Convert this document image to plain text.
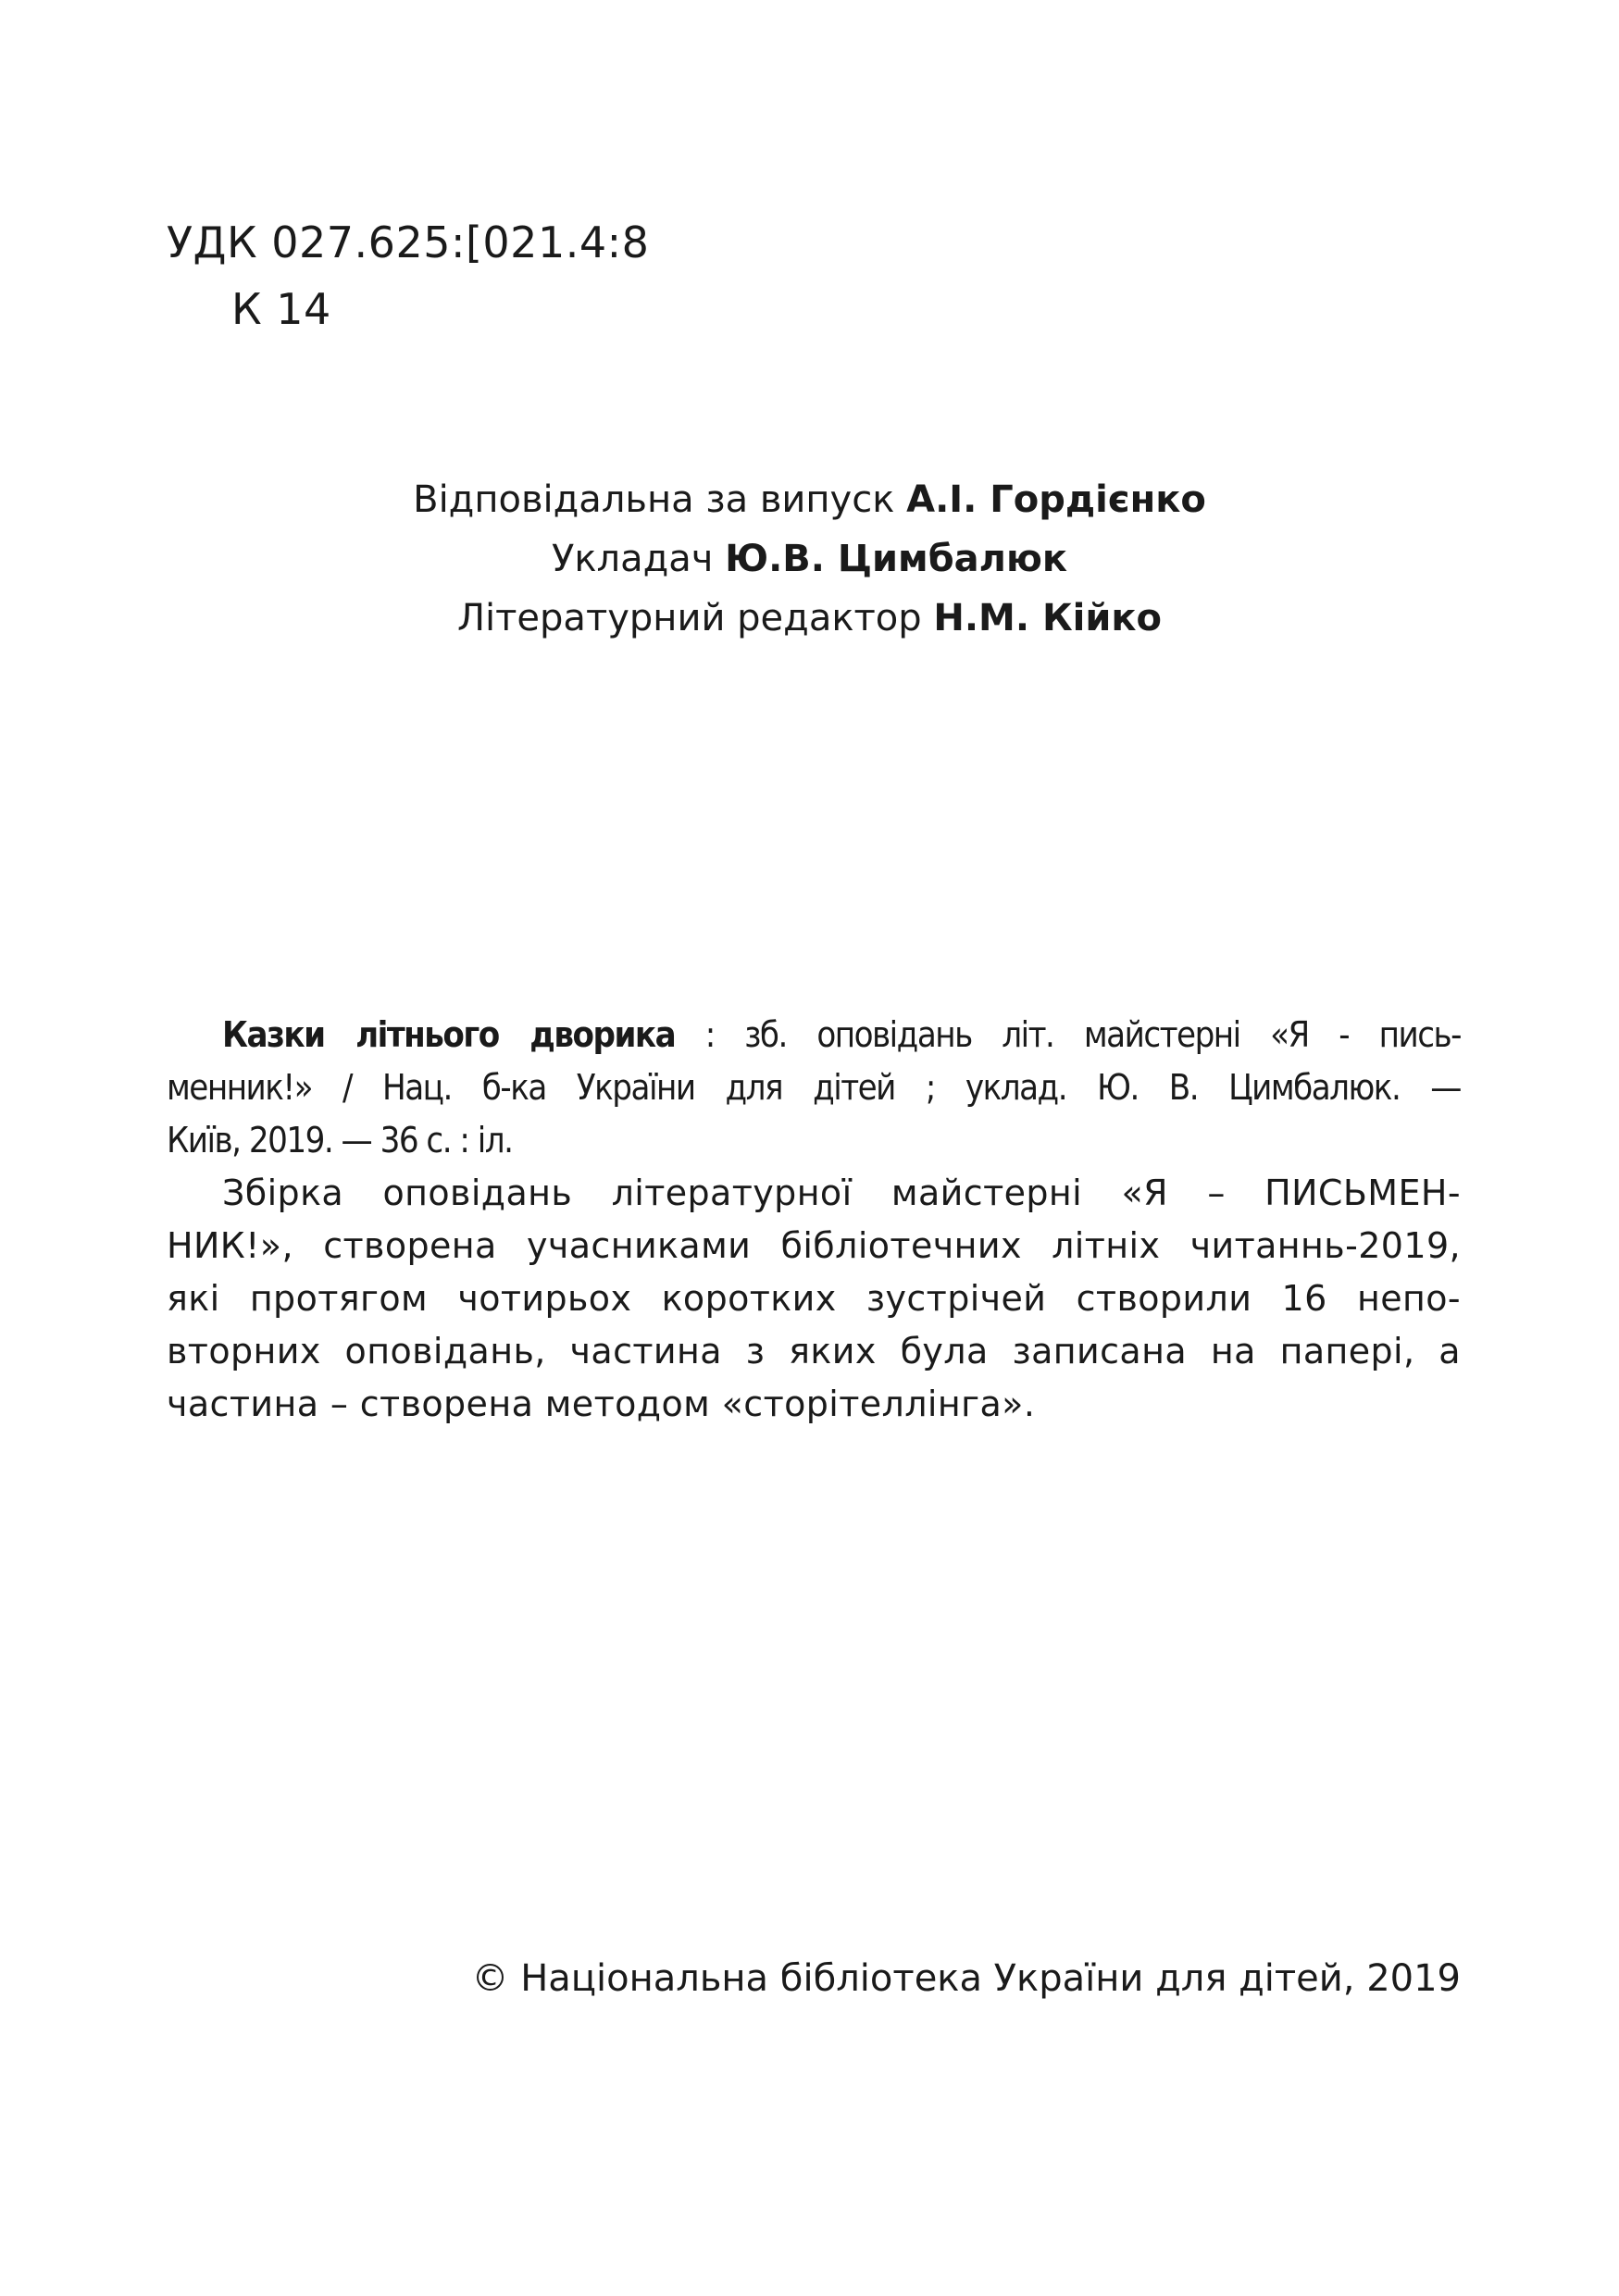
УДК 027.625:[021.4:8
К 14
Відповідальна за випуск А.І. Гордієнко
Укладач Ю.В. Цимбалюк
Літературний редактор Н.М. Кійко
Казки літнього дворика : зб. оповідань літ. майстерні «Я - пись-
менник!» / Нац. б-ка України для дітей ; уклад. Ю. В. Цимбалюк. —
Київ, 2019. — 36 с. : іл.
Збірка оповідань літературної майстерні «Я – ПИСЬМЕН-
НИК!», створена учасниками бібліотечних літніх читаннь-2019,
які протягом чотирьох коротких зустрічей створили 16 непо-
вторних оповідань, частина з яких була записана на папері, а
частина – створена методом «сторітеллінга».
© Національна бібліотека України для дітей, 2019
